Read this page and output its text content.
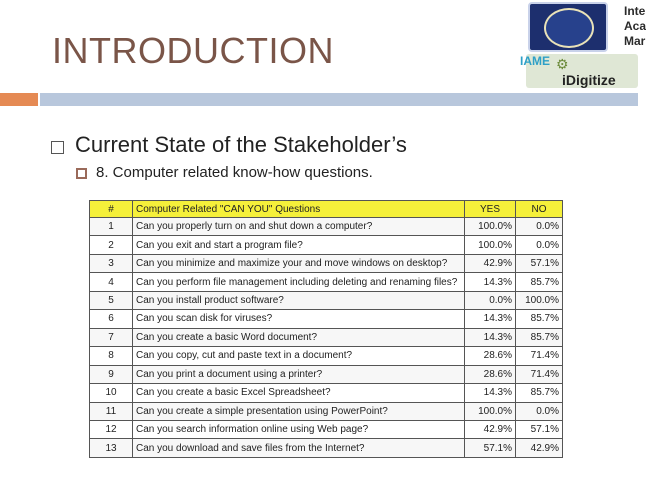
INTRODUCTION
Inte
Aca
Mar
IAME ⚙
iDigitize
Current State of the Stakeholder’s
8. Computer related know-how questions.
#	Computer Related "CAN YOU" Questions	YES	NO
1	Can you properly turn on and shut down a computer?	100.0%	0.0%
2	Can you exit and start a program file?	100.0%	0.0%
3	Can you minimize and maximize your and move windows on desktop?	42.9%	57.1%
4	Can you perform file management including deleting and renaming files?	14.3%	85.7%
5	Can you install product software?	0.0%	100.0%
6	Can you scan disk for viruses?	14.3%	85.7%
7	Can you create a basic Word document?	14.3%	85.7%
8	Can you copy, cut and paste text in a document?	28.6%	71.4%
9	Can you print a document using a printer?	28.6%	71.4%
10	Can you create a basic Excel Spreadsheet?	14.3%	85.7%
11	Can you create a simple presentation using PowerPoint?	100.0%	0.0%
12	Can you search information online using Web page?	42.9%	57.1%
13	Can you download and save files from the Internet?	57.1%	42.9%
